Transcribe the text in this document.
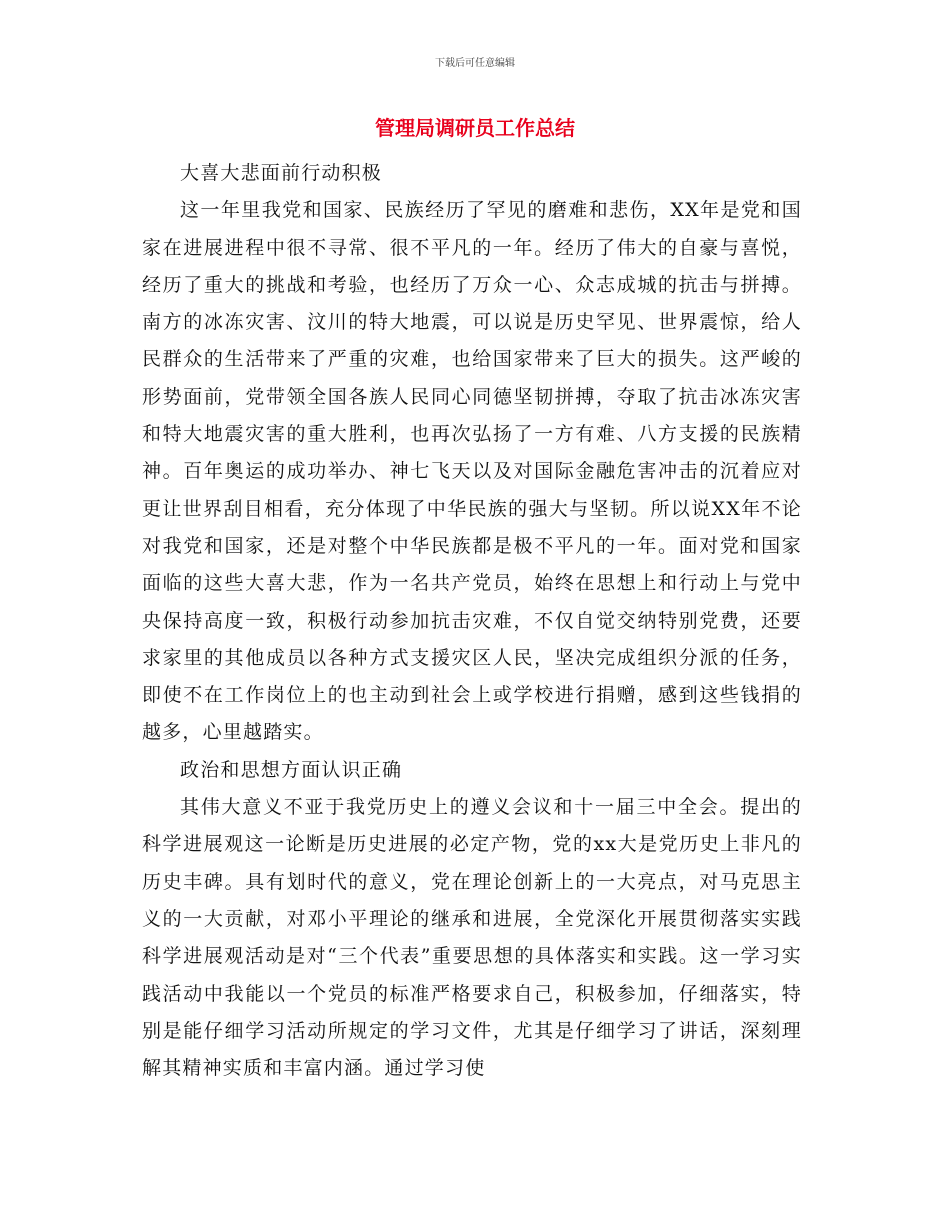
下载后可任意编辑
管理局调研员工作总结

大喜大悲面前行动积极

这一年里我党和国家、民族经历了罕见的磨难和悲伤，XX年是党和国家在进展进程中很不寻常、很不平凡的一年。经历了伟大的自豪与喜悦，经历了重大的挑战和考验，也经历了万众一心、众志成城的抗击与拼搏。南方的冰冻灾害、汶川的特大地震，可以说是历史罕见、世界震惊，给人民群众的生活带来了严重的灾难，也给国家带来了巨大的损失。这严峻的形势面前，党带领全国各族人民同心同德坚韧拼搏，夺取了抗击冰冻灾害和特大地震灾害的重大胜利，也再次弘扬了一方有难、八方支援的民族精神。百年奥运的成功举办、神七飞天以及对国际金融危害冲击的沉着应对更让世界刮目相看，充分体现了中华民族的强大与坚韧。所以说XX年不论对我党和国家，还是对整个中华民族都是极不平凡的一年。面对党和国家面临的这些大喜大悲，作为一名共产党员，始终在思想上和行动上与党中央保持高度一致，积极行动参加抗击灾难，不仅自觉交纳特别党费，还要求家里的其他成员以各种方式支援灾区人民，坚决完成组织分派的任务，即使不在工作岗位上的也主动到社会上或学校进行捐赠，感到这些钱捐的越多，心里越踏实。

政治和思想方面认识正确

其伟大意义不亚于我党历史上的遵义会议和十一届三中全会。提出的科学进展观这一论断是历史进展的必定产物，党的xx大是党历史上非凡的历史丰碑。具有划时代的意义，党在理论创新上的一大亮点，对马克思主义的一大贡献，对邓小平理论的继承和进展，全党深化开展贯彻落实实践科学进展观活动是对“三个代表”重要思想的具体落实和实践。这一学习实践活动中我能以一个党员的标准严格要求自己，积极参加，仔细落实，特别是能仔细学习活动所规定的学习文件，尤其是仔细学习了讲话，深刻理解其精神实质和丰富内涵。通过学习使
